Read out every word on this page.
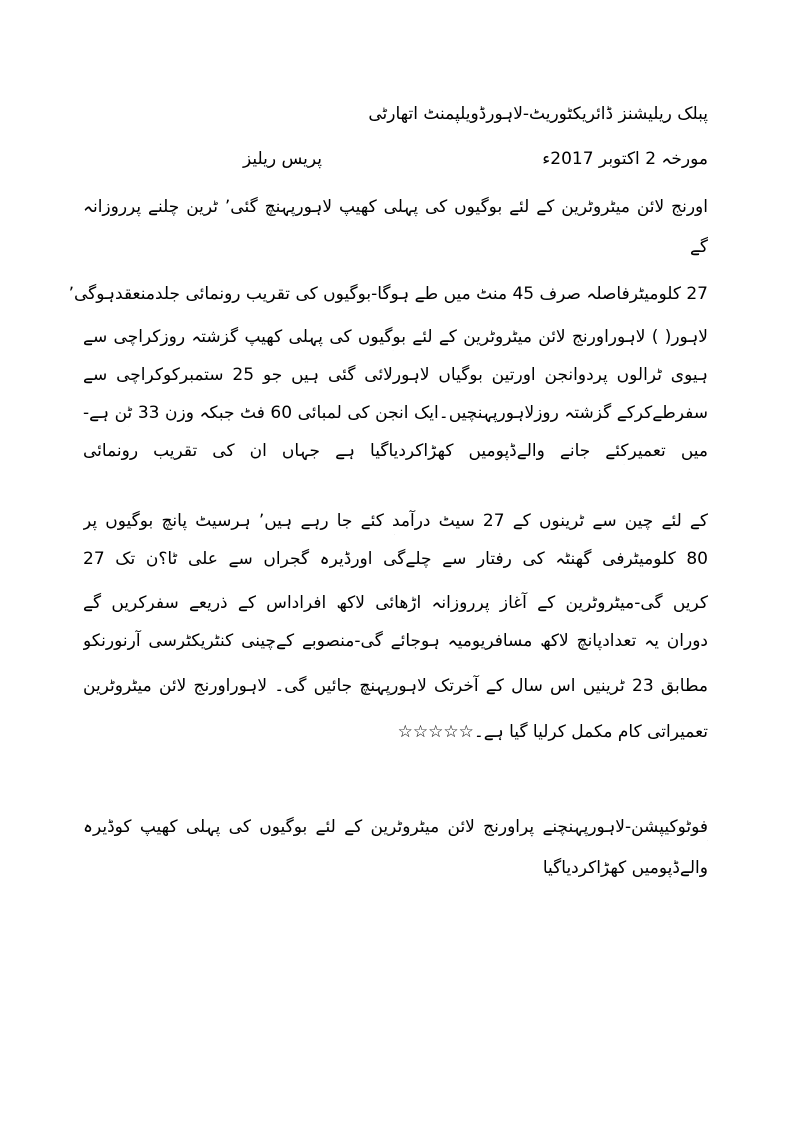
پبلک ریلیشنز ڈائریکٹوریٹ-لاہورڈویلپمنٹ اتھارٹی
مورخہ 2 اکتوبر 2017ء
پریس ریلیز
اورنج لائن میٹروٹرین کے لئے بوگیوں کی پہلی کھیپ لاہورپہنچ گئی٬ ٹرین چلنے پرروزانہ
گے
27 کلومیٹرفاصلہ صرف 45 منٹ میں طے ہوگا-بوگیوں کی تقریب رونمائی جلدمنعقدہوگی٬
لاہور( ) لاہوراورنج لائن میٹروٹرین کے لئے بوگیوں کی پہلی کھیپ گزشتہ روزکراچی سے
ہیوی ٹرالوں پردوانجن اورتین بوگیاں لاہورلائی گئی ہیں جو 25 ستمبرکوکراچی سے
سفرطےکرکے گزشتہ روزلاہورپہنچیں۔ایک انجن کی لمبائی 60 فٹ جبکہ وزن 33 ٹن ہے-
میں تعمیرکئے جانے والےڈپومیں کھڑاکردیاگیا ہے جہاں ان کی تقریب رونمائی
کے لئے چین سے ٹرینوں کے 27 سیٹ درآمد کئے جا رہے ہیں٬ ہرسیٹ پانچ بوگیوں پر
80 کلومیٹرفی گھنٹہ کی رفتار سے چلےگی اورڈیرہ گجراں سے علی ٹا؟ن تک 27
کریں گی-میٹروٹرین کے آغاز پرروزانہ اڑھائی لاکھ افراداس کے ذریعے سفرکریں گے
دوران یہ تعدادپانچ لاکھ مسافریومیہ ہوجائے گی-منصوبے کےچینی کنٹریکٹرسی آرنورنکو
مطابق 23 ٹرینیں اس سال کے آخرتک لاہورپہنچ جائیں گی۔ لاہوراورنج لائن میٹروٹرین
تعمیراتی کام مکمل کرلیا گیا ہے۔☆☆☆☆☆
فوٹوکیپشن-لاہورپہنچنے پراورنج لائن میٹروٹرین کے لئے بوگیوں کی پہلی کھیپ کوڈیرہ
والےڈپومیں کھڑاکردیاگیا
